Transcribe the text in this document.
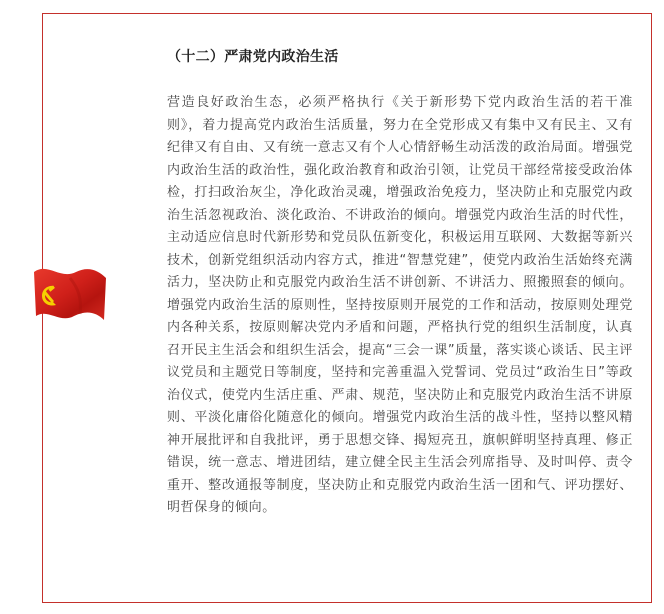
（十二）严肃党内政治生活

营造良好政治生态，必须严格执行《关于新形势下党内政治生活的若干准则》，着力提高党内政治生活质量，努力在全党形成又有集中又有民主、又有纪律又有自由、又有统一意志又有个人心情舒畅生动活泼的政治局面。增强党内政治生活的政治性，强化政治教育和政治引领，让党员干部经常接受政治体检，打扫政治灰尘，净化政治灵魂，增强政治免疫力，坚决防止和克服党内政治生活忽视政治、淡化政治、不讲政治的倾向。增强党内政治生活的时代性，主动适应信息时代新形势和党员队伍新变化，积极运用互联网、大数据等新兴技术，创新党组织活动内容方式，推进“智慧党建”，使党内政治生活始终充满活力，坚决防止和克服党内政治生活不讲创新、不讲活力、照搬照套的倾向。增强党内政治生活的原则性，坚持按原则开展党的工作和活动，按原则处理党内各种关系，按原则解决党内矛盾和问题，严格执行党的组织生活制度，认真召开民主生活会和组织生活会，提高“三会一课”质量，落实谈心谈话、民主评议党员和主题党日等制度，坚持和完善重温入党誓词、党员过“政治生日”等政治仪式，使党内生活庄重、严肃、规范，坚决防止和克服党内政治生活不讲原则、平淡化庸俗化随意化的倾向。增强党内政治生活的战斗性，坚持以整风精神开展批评和自我批评，勇于思想交锋、揭短亮丑，旗帜鲜明坚持真理、修正错误，统一意志、增进团结，建立健全民主生活会列席指导、及时叫停、责令重开、整改通报等制度，坚决防止和克服党内政治生活一团和气、评功摆好、明哲保身的倾向。
